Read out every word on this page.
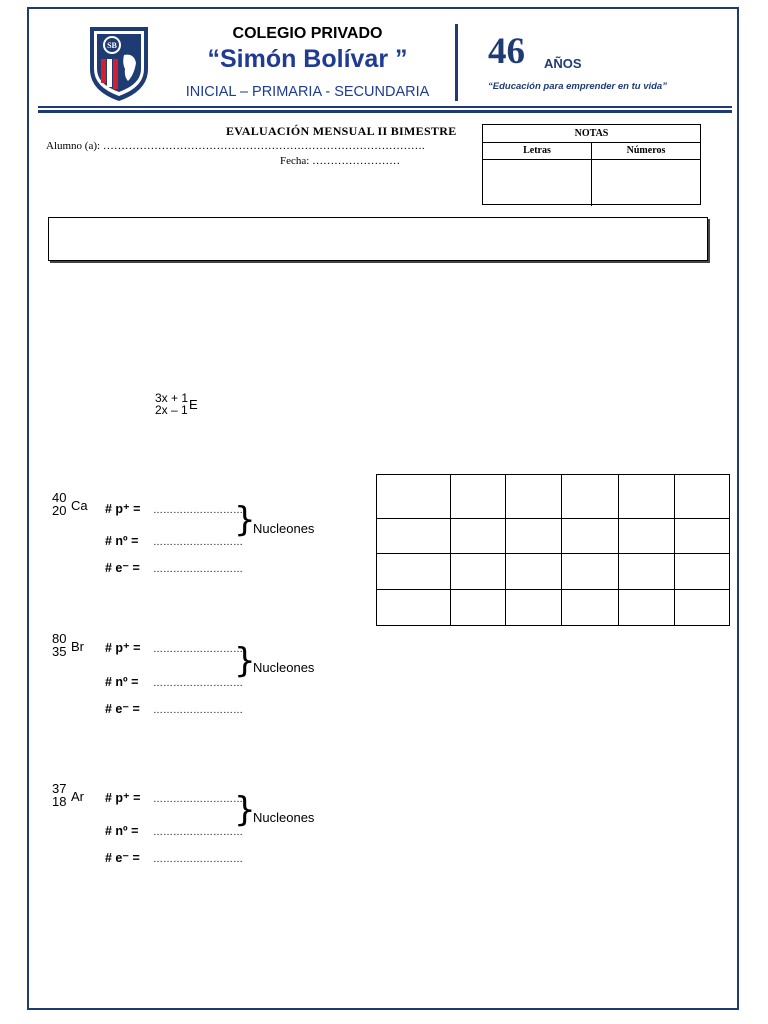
SB
COLEGIO PRIVADO
“Simón Bolívar ”
INICIAL – PRIMARIA - SECUNDARIA
46 AÑOS
“Educación para emprender en tu vida”
EVALUACIÓN MENSUAL II BIMESTRE
Alumno (a): …………………………………………………………………………….
Fecha: ……………………
NOTAS
Letras	Números
3x + 1
2x – 1 E
40
20 Ca # p⁺ = ………………………
# nº = ………………………
# e⁻ = ………………………
}
Nucleones
80
35 Br # p⁺ = ………………………
# nº = ………………………
# e⁻ = ………………………
}
Nucleones
37
18 Ar # p⁺ = ………………………
# nº = ………………………
# e⁻ = ………………………
}
Nucleones
